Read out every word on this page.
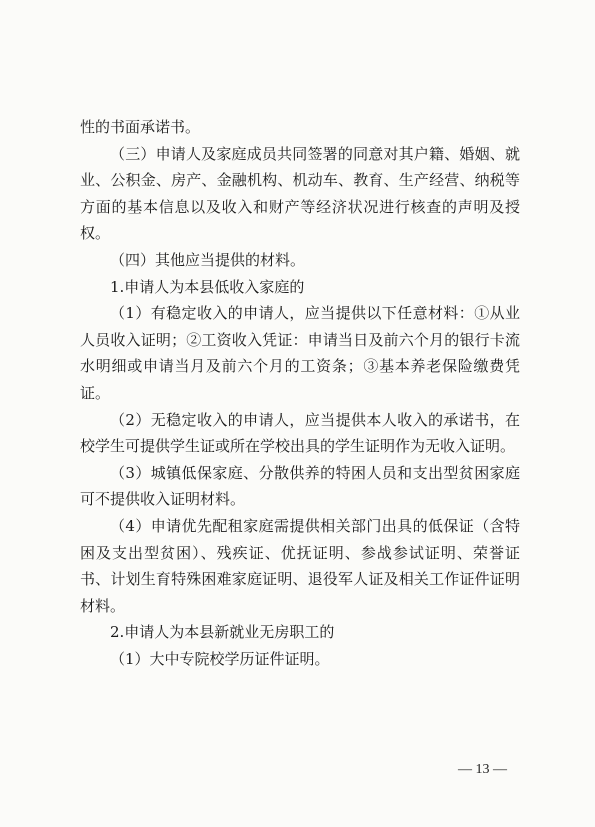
性的书面承诺书。

（三）申请人及家庭成员共同签署的同意对其户籍、婚姻、就业、公积金、房产、金融机构、机动车、教育、生产经营、纳税等方面的基本信息以及收入和财产等经济状况进行核查的声明及授权。

（四）其他应当提供的材料。

1.申请人为本县低收入家庭的

（1）有稳定收入的申请人，应当提供以下任意材料：①从业人员收入证明；②工资收入凭证：申请当日及前六个月的银行卡流水明细或申请当月及前六个月的工资条；③基本养老保险缴费凭证。

（2）无稳定收入的申请人，应当提供本人收入的承诺书，在校学生可提供学生证或所在学校出具的学生证明作为无收入证明。

（3）城镇低保家庭、分散供养的特困人员和支出型贫困家庭可不提供收入证明材料。

（4）申请优先配租家庭需提供相关部门出具的低保证（含特困及支出型贫困）、残疾证、优抚证明、参战参试证明、荣誉证书、计划生育特殊困难家庭证明、退役军人证及相关工作证件证明材料。

2.申请人为本县新就业无房职工的

（1）大中专院校学历证件证明。

— 13 —
